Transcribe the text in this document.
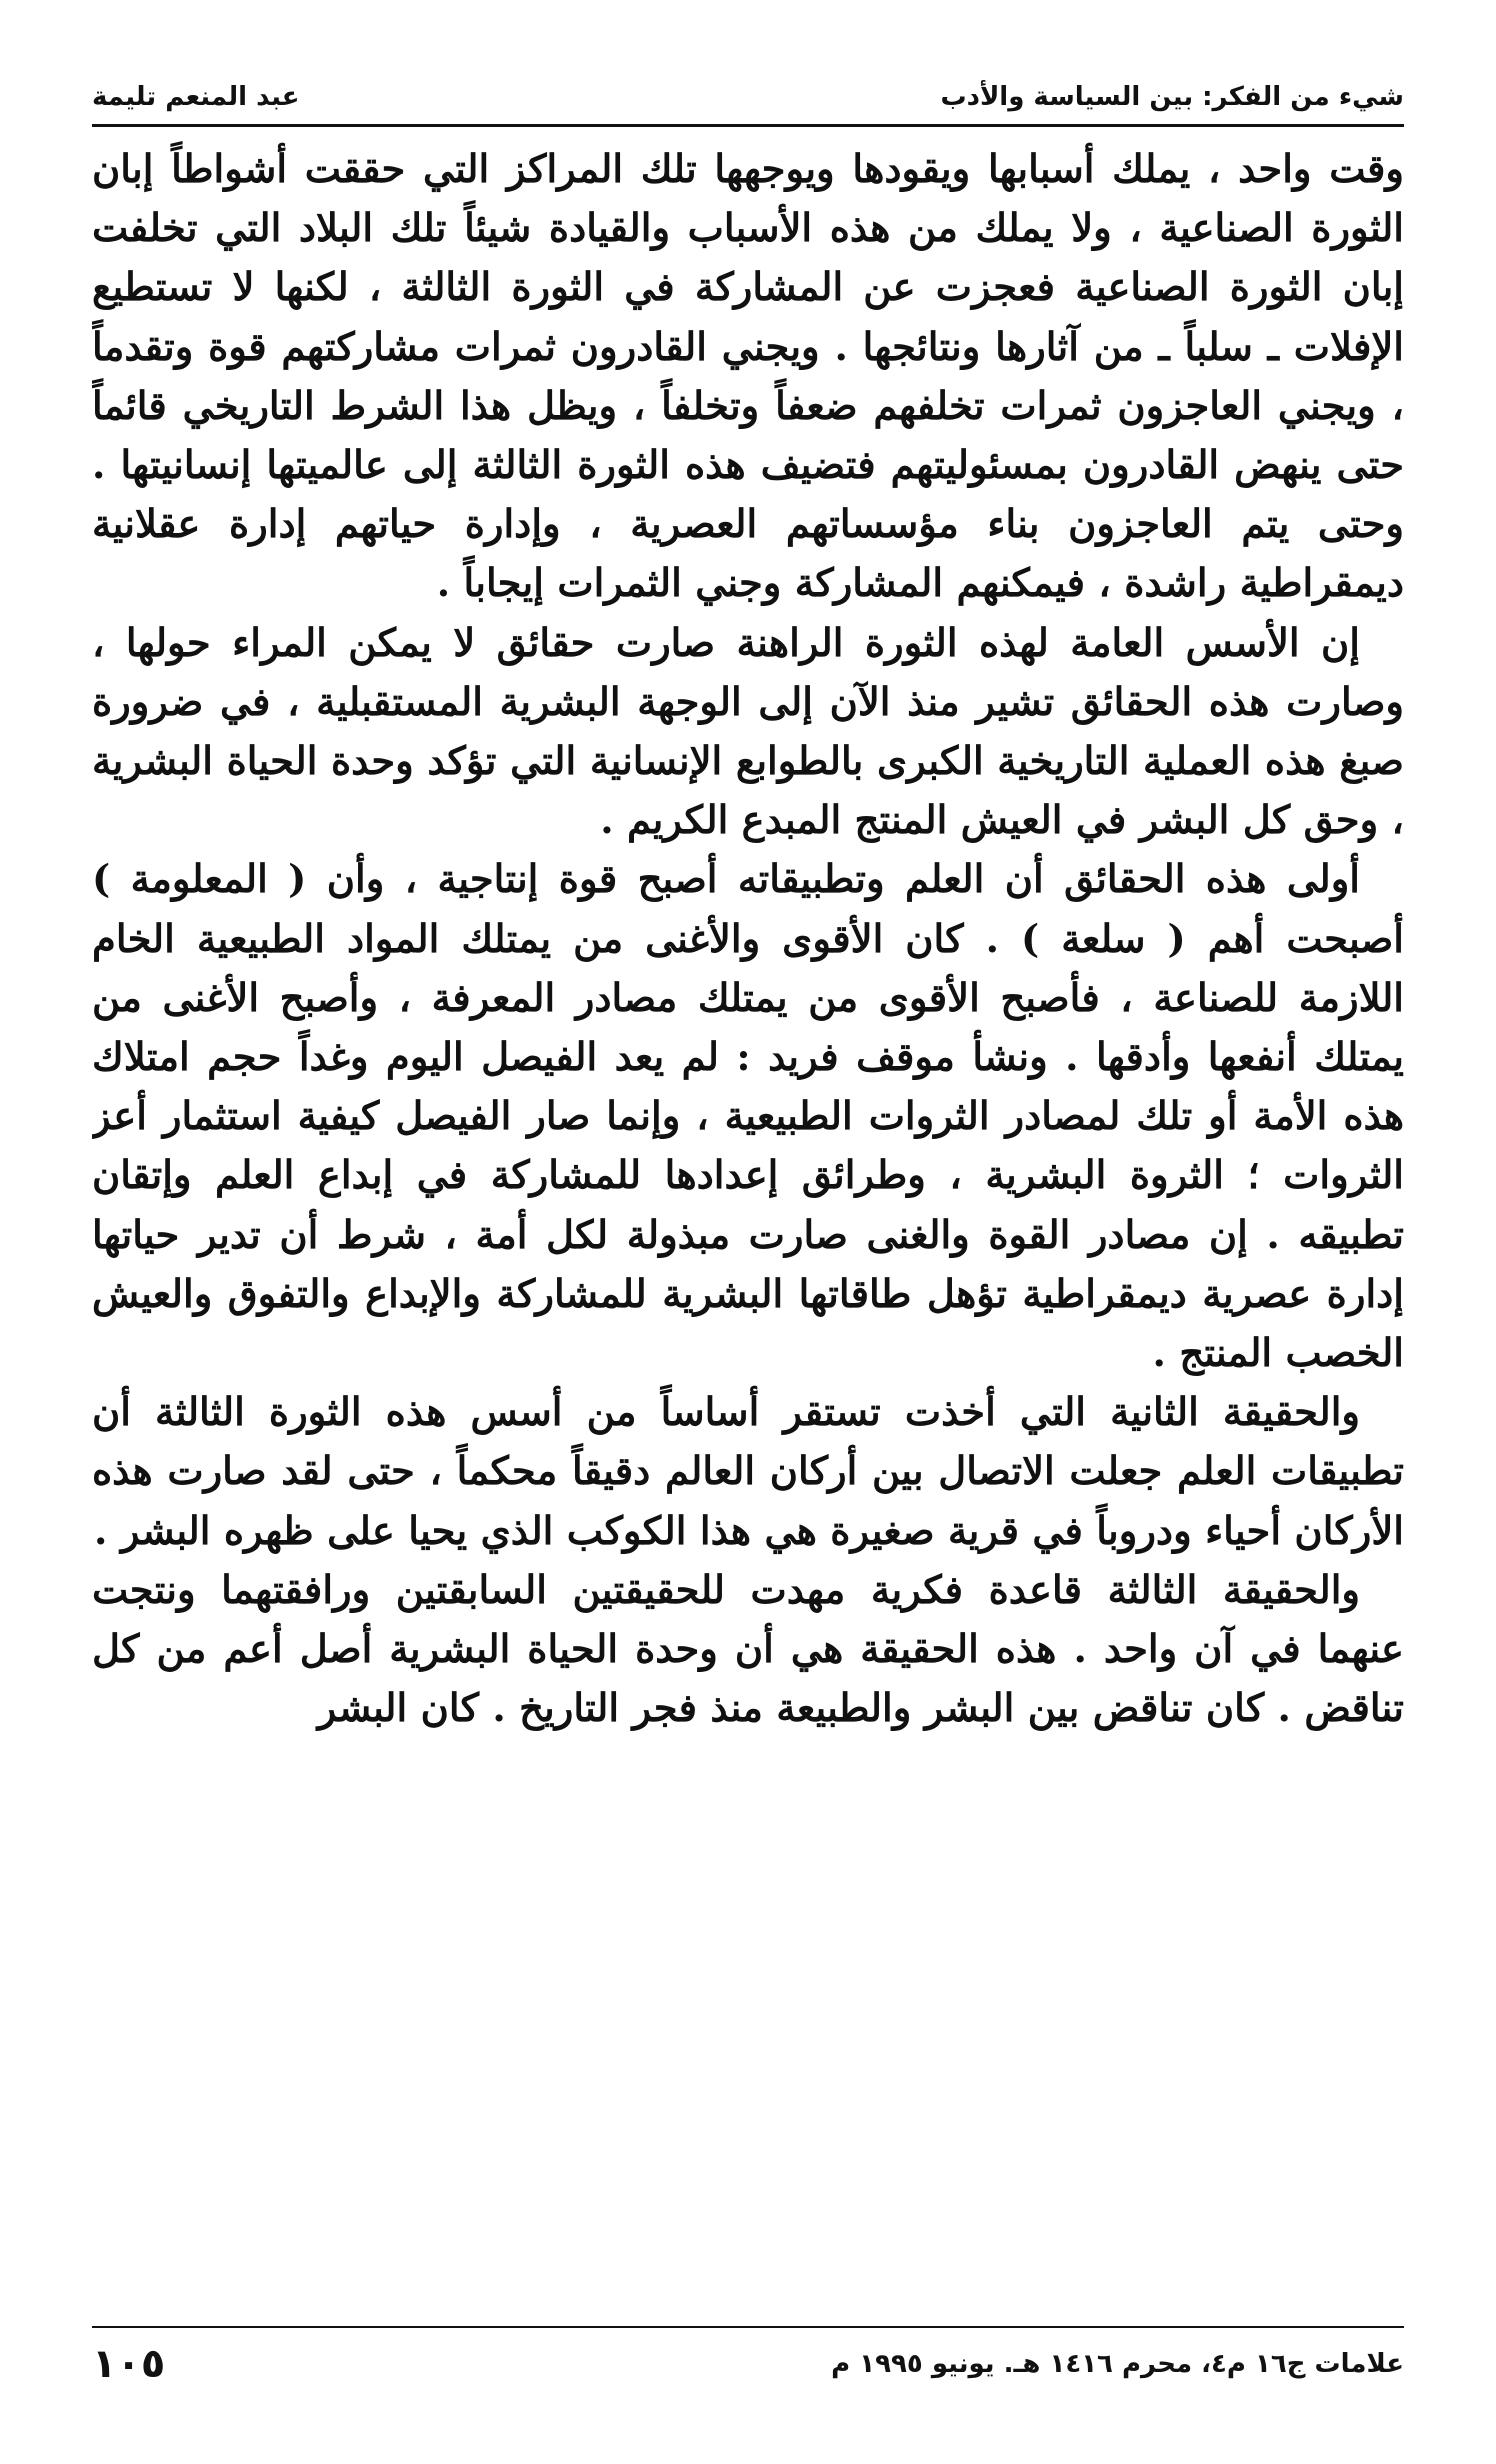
شيء من الفكر: بين السياسة والأدب
عبد المنعم تليمة

وقت واحد ، يملك أسبابها ويقودها ويوجهها تلك المراكز التي حققت أشواطاً إبان الثورة الصناعية ، ولا يملك من هذه الأسباب والقيادة شيئاً تلك البلاد التي تخلفت إبان الثورة الصناعية فعجزت عن المشاركة في الثورة الثالثة ، لكنها لا تستطيع الإفلات ـ سلباً ـ من آثارها ونتائجها . ويجني القادرون ثمرات مشاركتهم قوة وتقدماً ، ويجني العاجزون ثمرات تخلفهم ضعفاً وتخلفاً ، ويظل هذا الشرط التاريخي قائماً حتى ينهض القادرون بمسئوليتهم فتضيف هذه الثورة الثالثة إلى عالميتها إنسانيتها . وحتى يتم العاجزون بناء مؤسساتهم العصرية ، وإدارة حياتهم إدارة عقلانية ديمقراطية راشدة ، فيمكنهم المشاركة وجني الثمرات إيجاباً .

إن الأسس العامة لهذه الثورة الراهنة صارت حقائق لا يمكن المراء حولها ، وصارت هذه الحقائق تشير منذ الآن إلى الوجهة البشرية المستقبلية ، في ضرورة صبغ هذه العملية التاريخية الكبرى بالطوابع الإنسانية التي تؤكد وحدة الحياة البشرية ، وحق كل البشر في العيش المنتج المبدع الكريم .

أولى هذه الحقائق أن العلم وتطبيقاته أصبح قوة إنتاجية ، وأن ( المعلومة ) أصبحت أهم ( سلعة ) . كان الأقوى والأغنى من يمتلك المواد الطبيعية الخام اللازمة للصناعة ، فأصبح الأقوى من يمتلك مصادر المعرفة ، وأصبح الأغنى من يمتلك أنفعها وأدقها . ونشأ موقف فريد : لم يعد الفيصل اليوم وغداً حجم امتلاك هذه الأمة أو تلك لمصادر الثروات الطبيعية ، وإنما صار الفيصل كيفية استثمار أعز الثروات ؛ الثروة البشرية ، وطرائق إعدادها للمشاركة في إبداع العلم وإتقان تطبيقه . إن مصادر القوة والغنى صارت مبذولة لكل أمة ، شرط أن تدير حياتها إدارة عصرية ديمقراطية تؤهل طاقاتها البشرية للمشاركة والإبداع والتفوق والعيش الخصب المنتج .

والحقيقة الثانية التي أخذت تستقر أساساً من أسس هذه الثورة الثالثة أن تطبيقات العلم جعلت الاتصال بين أركان العالم دقيقاً محكماً ، حتى لقد صارت هذه الأركان أحياء ودروباً في قرية صغيرة هي هذا الكوكب الذي يحيا على ظهره البشر .

والحقيقة الثالثة قاعدة فكرية مهدت للحقيقتين السابقتين ورافقتهما ونتجت عنهما في آن واحد . هذه الحقيقة هي أن وحدة الحياة البشرية أصل أعم من كل تناقض . كان تناقض بين البشر والطبيعة منذ فجر التاريخ . كان البشر

علامات ج١٦ م٤، محرم ١٤١٦ هـ. يونيو ١٩٩٥ م
١٠٥
